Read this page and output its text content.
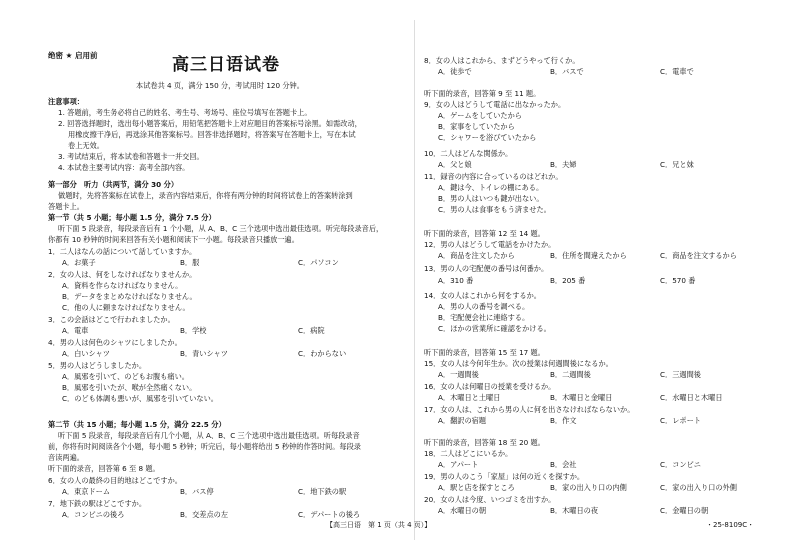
绝密 ★ 启用前	高三日语试卷
本试卷共 4 页，满分 150 分，考试用时 120 分钟。
注意事项：
1. 答题前，考生务必将自己的姓名、考生号、考场号、座位号填写在答题卡上。
2. 回答选择题时，选出每小题答案后，用铅笔把答题卡上对应题目的答案标号涂黑。如需改动，
用橡皮擦干净后，再选涂其他答案标号。回答非选择题时，将答案写在答题卡上，写在本试
卷上无效。
3. 考试结束后，将本试卷和答题卡一并交回。
4. 本试卷主要考试内容：高考全部内容。
第一部分　听力（共两节，满分 30 分）
做题时，先将答案标在试卷上，录音内容结束后，你将有两分钟的时间将试卷上的答案转涂到
答题卡上。
第一节（共 5 小题；每小题 1.5 分，满分 7.5 分）
听下面 5 段录音，每段录音后有 1 个小题，从 A、B、C 三个选项中选出最佳选项。听完每段录音后，
你都有 10 秒钟的时间来回答有关小题和阅读下一小题。每段录音只播放一遍。
1．二人はなんの話について話していますか。
A．お菓子	B．服	C．パソコン
2．女の人は、何をしなければなりませんか。
A．資料を作らなければなりません。
B．データをまとめなければなりません。
C．他の人に頼まなければなりません。
3．この会話はどこで行われましたか。
A．電車	B．学校	C．病院
4．男の人は何色のシャツにしましたか。
A．白いシャツ	B．青いシャツ	C．わからない
5．男の人はどうしましたか。
A．風邪を引いて、のどもお腹も痛い。
B．風邪を引いたが、喉が全然痛くない。
C．のども体調も悪いが、風邪を引いていない。
第二节（共 15 小题；每小题 1.5 分，满分 22.5 分）
听下面 5 段录音，每段录音后有几个小题，从 A、B、C 三个选项中选出最佳选项。听每段录音
前，你将有时间阅读各个小题，每小题 5 秒钟；听完后，每小题将给出 5 秒钟的作答时间。每段录
音读两遍。
听下面的录音，回答第 6 至 8 题。
6．女の人の最終の目的地はどこですか。
A．東京ドーム	B．バス停	C．地下鉄の駅
7．地下鉄の駅はどこですか。
A．コンビニの後ろ	B．交差点の左	C．デパートの後ろ
8．女の人はこれから、まずどうやって行くか。
A．徒歩で	B．バスで	C．電車で
听下面的录音，回答第 9 至 11 题。
9．女の人はどうして電話に出なかったか。
A．ゲームをしていたから
B．家事をしていたから
C．シャワーを浴びていたから
10．二人はどんな関係か。
A．父と娘	B．夫婦	C．兄と妹
11．録音の内容に合っているのはどれか。
A．鍵は今、トイレの棚にある。
B．男の人はいつも鍵が出ない。
C．男の人は食事をもう済ませた。
听下面的录音，回答第 12 至 14 题。
12．男の人はどうして電話をかけたか。
A．商品を注文したから	B．住所を間違えたから	C．商品を注文するから
13．男の人の宅配便の番号は何番か。
A．310 番	B．205 番	C．570 番
14．女の人はこれから何をするか。
A．男の人の番号を調べる。
B．宅配便会社に連絡する。
C．ほかの営業所に確認をかける。
听下面的录音，回答第 15 至 17 题。
15．女の人は今何年生か。次の授業は何週間後になるか。
A．一週間後	B．二週間後	C．三週間後
16．女の人は何曜日の授業を受けるか。
A．木曜日と土曜日	B．木曜日と金曜日	C．水曜日と木曜日
17．女の人は、これから男の人に何を出さなければならないか。
A．翻訳の宿題	B．作文	C．レポート
听下面的录音，回答第 18 至 20 题。
18．二人はどこにいるか。
A．アパート	B．会社	C．コンビニ
19．男の人のこう「家屋」は何の近くを探すか。
A．駅と店を探すところ	B．家の出入り口の内側	C．家の出入り口の外側
20．女の人は今度、いつゴミを出すか。
A．水曜日の朝	B．木曜日の夜	C．金曜日の朝
【高三日语　第 1 页（共 4 页）】	・25-8109C・
